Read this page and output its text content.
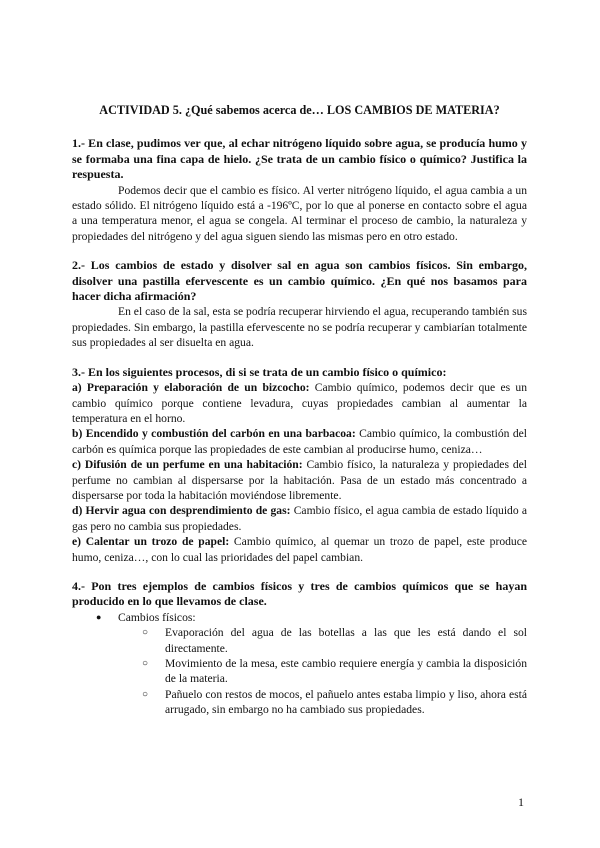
ACTIVIDAD 5. ¿Qué sabemos acerca de… LOS CAMBIOS DE MATERIA?

1.- En clase, pudimos ver que, al echar nitrógeno líquido sobre agua, se producía humo y se formaba una fina capa de hielo. ¿Se trata de un cambio físico o químico? Justifica la respuesta.

Podemos decir que el cambio es físico. Al verter nitrógeno líquido, el agua cambia a un estado sólido. El nitrógeno líquido está a -196ºC, por lo que al ponerse en contacto sobre el agua a una temperatura menor, el agua se congela. Al terminar el proceso de cambio, la naturaleza y propiedades del nitrógeno y del agua siguen siendo las mismas pero en otro estado.

2.- Los cambios de estado y disolver sal en agua son cambios físicos. Sin embargo, disolver una pastilla efervescente es un cambio químico. ¿En qué nos basamos para hacer dicha afirmación?

En el caso de la sal, esta se podría recuperar hirviendo el agua, recuperando también sus propiedades. Sin embargo, la pastilla efervescente no se podría recuperar y cambiarían totalmente sus propiedades al ser disuelta en agua.

3.- En los siguientes procesos, di si se trata de un cambio físico o químico:

a) Preparación y elaboración de un bizcocho: Cambio químico, podemos decir que es un cambio químico porque contiene levadura, cuyas propiedades cambian al aumentar la temperatura en el horno.

b) Encendido y combustión del carbón en una barbacoa: Cambio químico, la combustión del carbón es química porque las propiedades de este cambian al producirse humo, ceniza…

c) Difusión de un perfume en una habitación: Cambio físico, la naturaleza y propiedades del perfume no cambian al dispersarse por la habitación. Pasa de un estado más concentrado a dispersarse por toda la habitación moviéndose libremente.

d) Hervir agua con desprendimiento de gas: Cambio físico, el agua cambia de estado líquido a gas pero no cambia sus propiedades.

e) Calentar un trozo de papel: Cambio químico, al quemar un trozo de papel, este produce humo, ceniza…, con lo cual las prioridades del papel cambian.

4.- Pon tres ejemplos de cambios físicos y tres de cambios químicos que se hayan producido en lo que llevamos de clase.

● Cambios físicos:
○ Evaporación del agua de las botellas a las que les está dando el sol directamente.
○ Movimiento de la mesa, este cambio requiere energía y cambia la disposición de la materia.
○ Pañuelo con restos de mocos, el pañuelo antes estaba limpio y liso, ahora está arrugado, sin embargo no ha cambiado sus propiedades.
1
